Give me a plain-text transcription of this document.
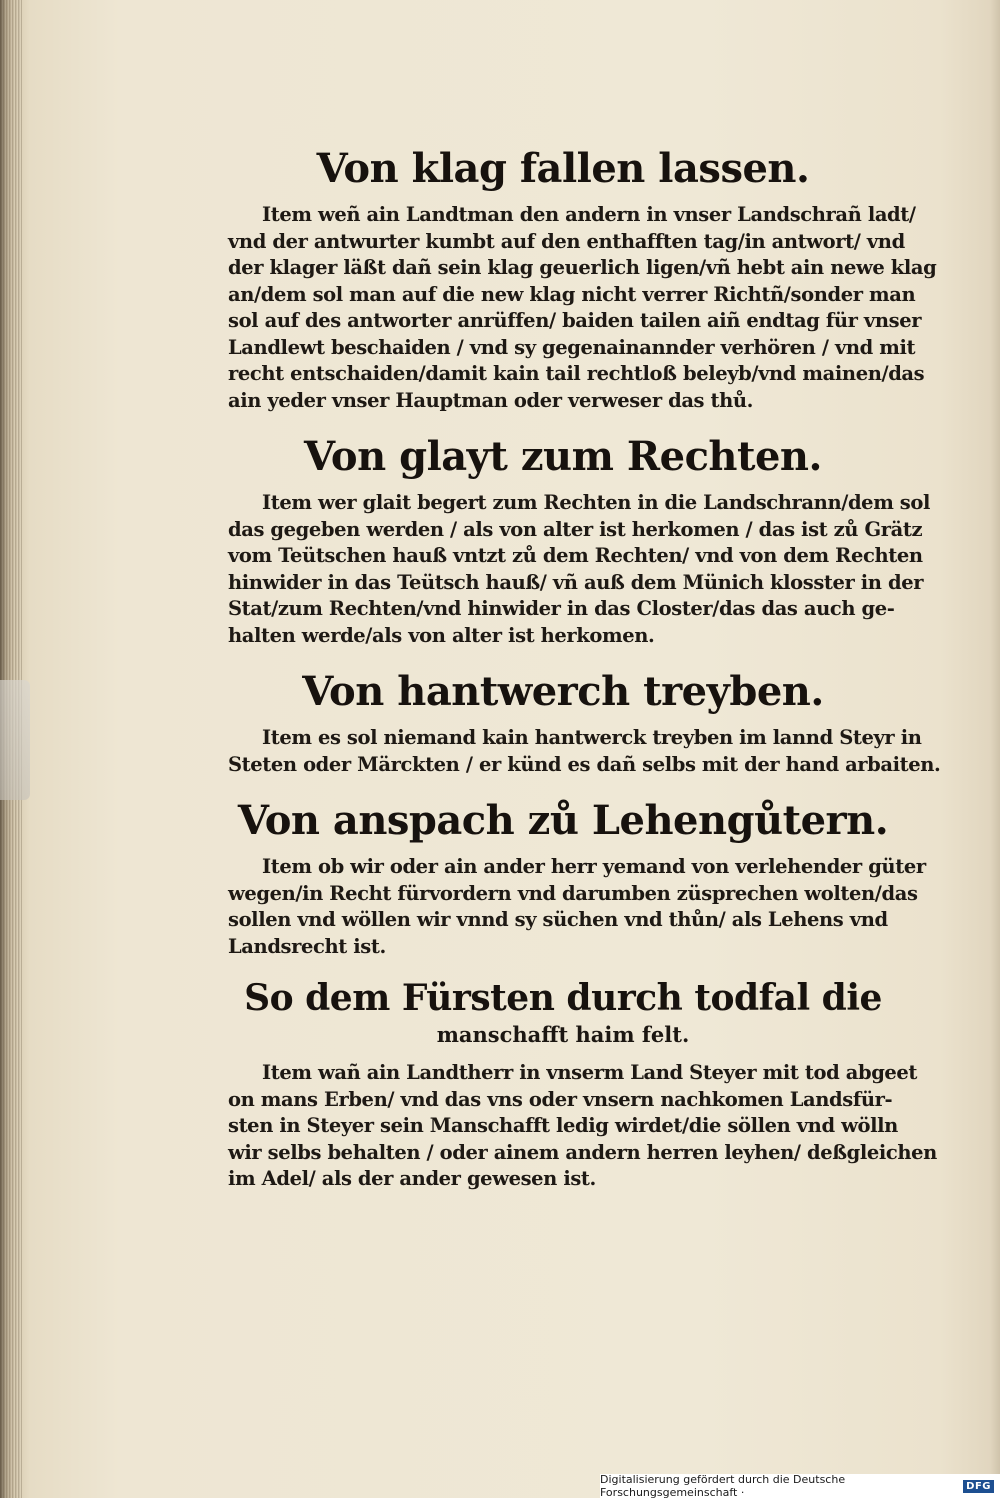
Von klag fallen lassen.
Item weñ ain Landtman den andern in vnser Landschrañ ladt/
vnd der antwurter kumbt auf den enthafften tag/in antwort/ vnd
der klager läßt dañ sein klag geuerlich ligen/vñ hebt ain newe klag
an/dem sol man auf die new klag nicht verrer Richtñ/sonder man
sol auf des antworter anrüffen/ baiden tailen aiñ endtag für vnser
Landlewt beschaiden / vnd sy gegenainannder verhören / vnd mit
recht entschaiden/damit kain tail rechtloß beleyb/vnd mainen/das
ain yeder vnser Hauptman oder verweser das thů.
Von glayt zum Rechten.
Item wer glait begert zum Rechten in die Landschrann/dem sol
das gegeben werden / als von alter ist herkomen / das ist zů Grätz
vom Teütschen hauß vntzt zů dem Rechten/ vnd von dem Rechten
hinwider in das Teütsch hauß/ vñ auß dem Münich klosster in der
Stat/zum Rechten/vnd hinwider in das Closter/das das auch ge-
halten werde/als von alter ist herkomen.
Von hantwerch treyben.
Item es sol niemand kain hantwerck treyben im lannd Steyr in
Steten oder Märckten / er künd es dañ selbs mit der hand arbaiten.
Von anspach zů Lehengůtern.
Item ob wir oder ain ander herr yemand von verlehender güter
wegen/in Recht fürvordern vnd darumben züsprechen wolten/das
sollen vnd wöllen wir vnnd sy süchen vnd thůn/ als Lehens vnd
Landsrecht ist.
So dem Fürsten durch todfal die
manschafft haim felt.
Item wañ ain Landtherr in vnserm Land Steyer mit tod abgeet
on mans Erben/ vnd das vns oder vnsern nachkomen Landsfür-
sten in Steyer sein Manschafft ledig wirdet/die söllen vnd wölln
wir selbs behalten / oder ainem andern herren leyhen/ deßgleichen
im Adel/ als der ander gewesen ist.
Digitalisierung gefördert durch die Deutsche Forschungsgemeinschaft ·	DFG
